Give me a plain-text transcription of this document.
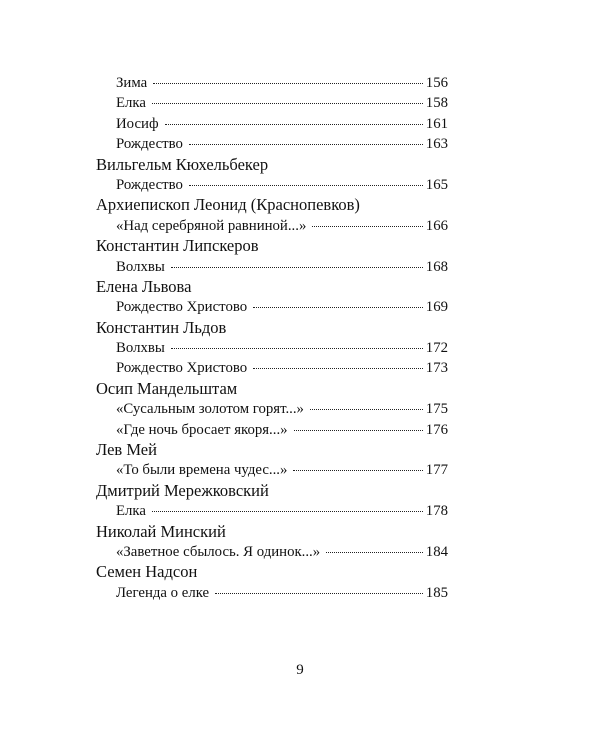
Зима	156
Елка	158
Иосиф	161
Рождество	163
Вильгельм Кюхельбекер
Рождество	165
Архиепископ Леонид (Краснопевков)
«Над серебряной равниной...»	166
Константин Липскеров
Волхвы	168
Елена Львова
Рождество Христово	169
Константин Льдов
Волхвы	172
Рождество Христово	173
Осип Мандельштам
«Сусальным золотом горят...»	175
«Где ночь бросает якоря...»	176
Лев Мей
«То были времена чудес...»	177
Дмитрий Мережковский
Елка	178
Николай Минский
«Заветное сбылось. Я одинок...»	184
Семен Надсон
Легенда о елке	185
9
